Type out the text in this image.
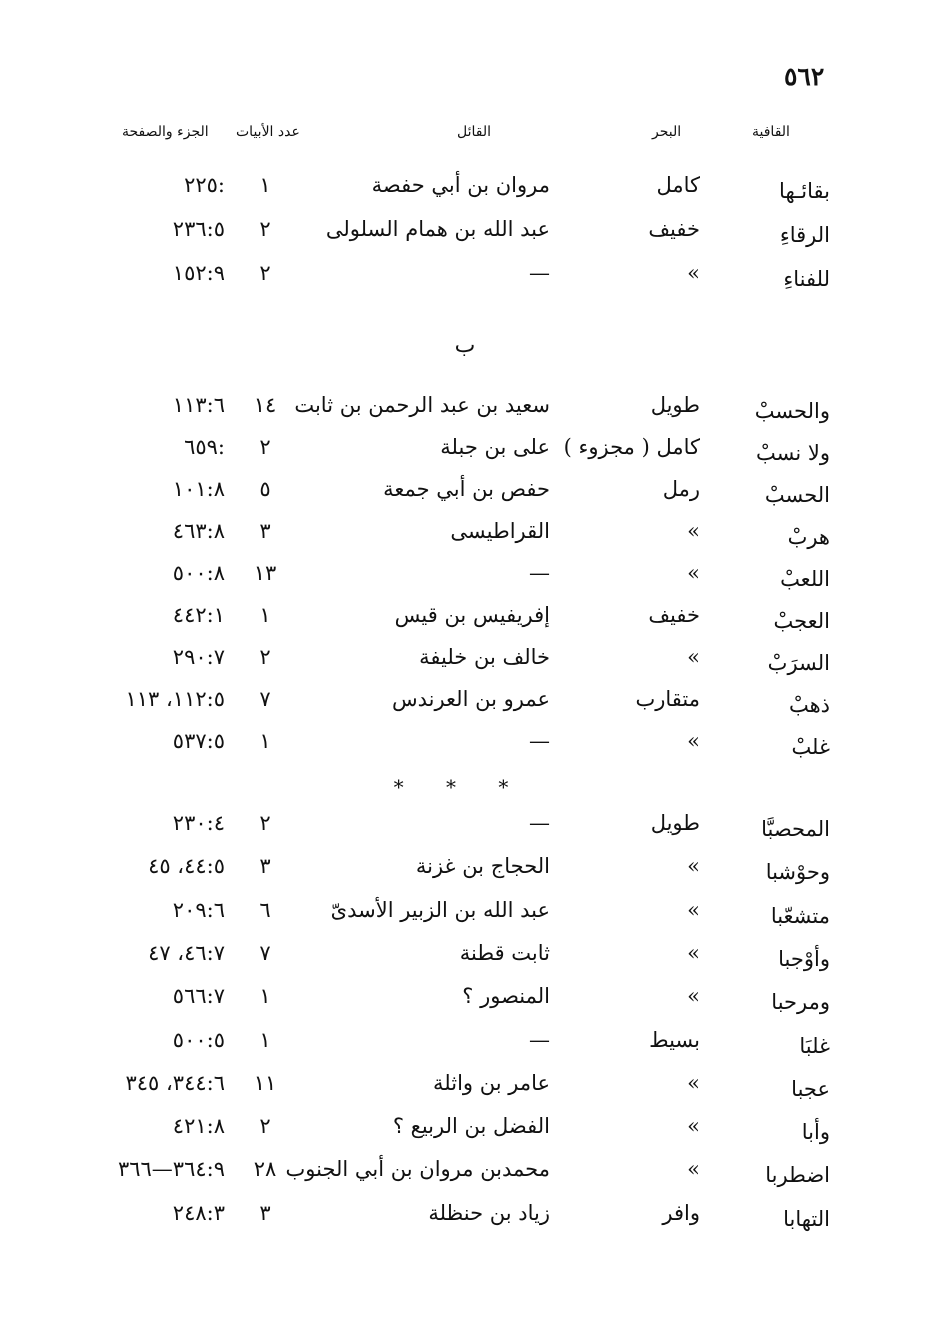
٥٦٢
القافية
البحر
القائل
عدد الأبيات
الجزء والصفحة
بقائـها
كامل
مروان بن أبي حفصة
١
٢٢٥:
الرقاءِ
خفيف
عبد الله بن همام السلولى
٢
٢٣٦:٥
للفناءِ
»
—
٢
١٥٢:٩
ب
والحسبْ
طويل
سعيد بن عبد الرحمن بن ثابت
١٤
١١٣:٦
ولا نسبْ
كامل ( مجزوء )
على بن جبلة
٢
٦٥٩:
الحسبْ
رمل
حفص بن أبي جمعة
٥
١٠١:٨
هربْ
»
القراطيسى
٣
٤٦٣:٨
اللعبْ
»
—
١٣
٥٠٠:٨
العجبْ
خفيف
إفريفيس بن قيس
١
٤٤٢:١
السرَبْ
»
خالف بن خليفة
٢
٢٩٠:٧
ذهبْ
متقارب
عمرو بن العرندس
٧
١١٢:٥، ١١٣
غلبْ
»
—
١
٥٣٧:٥
* * *
المحصبَّا
طويل
—
٢
٢٣٠:٤
وحوْشبا
»
الحجاج بن غزنة
٣
٤٤:٥، ٤٥
متشعّبا
»
عبد الله بن الزبير الأسدىّ
٦
٢٠٩:٦
وأوْجبا
»
ثابت قطنة
٧
٤٦:٧، ٤٧
ومرحبا
»
المنصور ؟
١
٥٦٦:٧
غلبَا
بسيط
—
١
٥٠٠:٥
عجبا
»
عامر بن واثلة
١١
٣٤٤:٦، ٣٤٥
وأبا
»
الفضل بن الربيع ؟
٢
٤٢١:٨
اضطربا
»
محمدبن مروان بن أبي الجنوب
٢٨
٣٦٤:٩—٣٦٦
التهابا
وافر
زياد بن حنظلة
٣
٢٤٨:٣
